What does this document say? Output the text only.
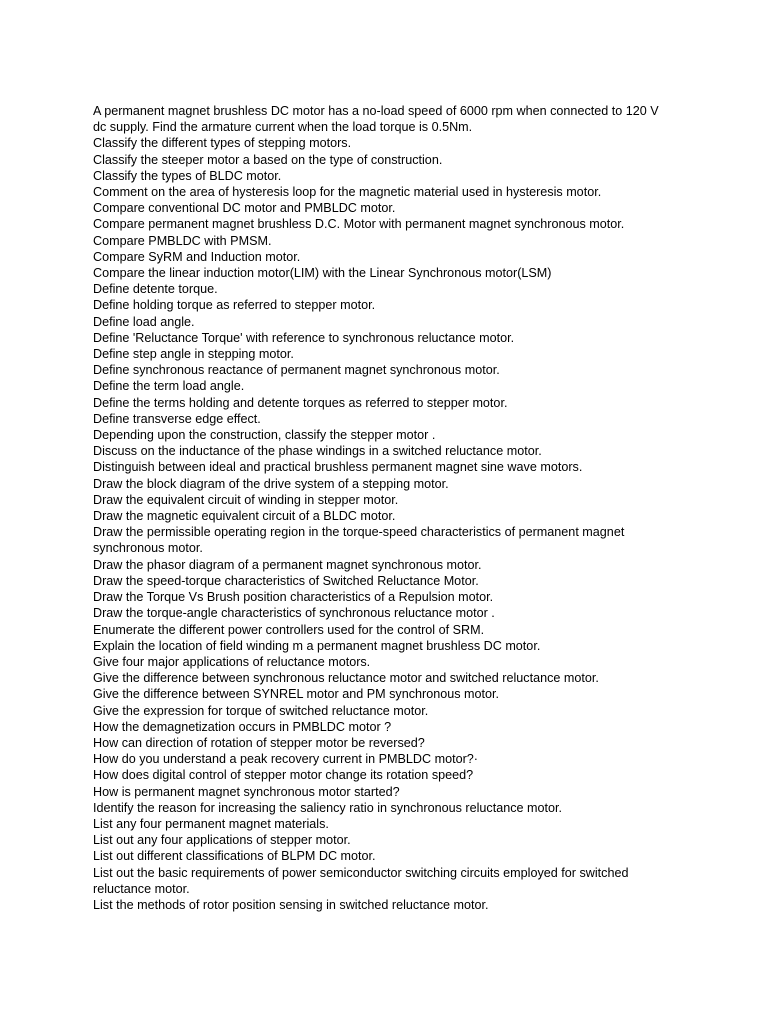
A permanent magnet brushless DC motor has a no-load speed of 6000 rpm when connected to 120 V
dc supply. Find the armature current when the load torque is 0.5Nm.
Classify the different types of stepping motors.
Classify the steeper motor a based on the type of construction.
Classify the types of BLDC motor.
Comment on the area of hysteresis loop for the magnetic material used in hysteresis motor.
Compare conventional DC motor and PMBLDC motor.
Compare permanent magnet brushless D.C. Motor with permanent magnet synchronous motor.
Compare PMBLDC with PMSM.
Compare SyRM and Induction motor.
Compare the linear induction motor(LIM) with the Linear Synchronous motor(LSM)
Define detente torque.
Define holding torque as referred to stepper motor.
Define load angle.
Define 'Reluctance Torque' with reference to synchronous reluctance motor.
Define step angle in stepping motor.
Define synchronous reactance of permanent magnet synchronous motor.
Define the term load angle.
Define the terms holding and detente torques as referred to stepper motor.
Define transverse edge effect.
Depending upon the construction, classify the stepper motor .
Discuss on the inductance of the phase windings in a switched reluctance motor.
Distinguish between ideal and practical brushless permanent magnet sine wave motors.
Draw the block diagram of the drive system of a stepping motor.
Draw the equivalent circuit of winding in stepper motor.
Draw the magnetic equivalent circuit of a BLDC motor.
Draw the permissible operating region in the torque-speed characteristics of permanent magnet
synchronous motor.
Draw the phasor diagram of a permanent magnet synchronous motor.
Draw the speed-torque characteristics of Switched Reluctance Motor.
Draw the Torque Vs Brush position characteristics of a Repulsion motor.
Draw the torque-angle characteristics of synchronous reluctance motor .
Enumerate the different power controllers used for the control of SRM.
Explain the location of field winding m a permanent magnet brushless DC motor.
Give four major applications of reluctance motors.
Give the difference between synchronous reluctance motor and switched reluctance motor.
Give the difference between SYNREL motor and PM synchronous motor.
Give the expression for torque of switched reluctance motor.
How the demagnetization occurs in PMBLDC motor ?
How can direction of rotation of stepper motor be reversed?
How do you understand a peak recovery current in PMBLDC motor?·
How does digital control of stepper motor change its rotation speed?
How is permanent magnet synchronous motor started?
Identify the reason for increasing the saliency ratio in synchronous reluctance motor.
List any four permanent magnet materials.
List out any four applications of stepper motor.
List out different classifications of BLPM DC motor.
List out the basic requirements of power semiconductor switching circuits employed for switched
reluctance motor.
List the methods of rotor position sensing in switched reluctance motor.
